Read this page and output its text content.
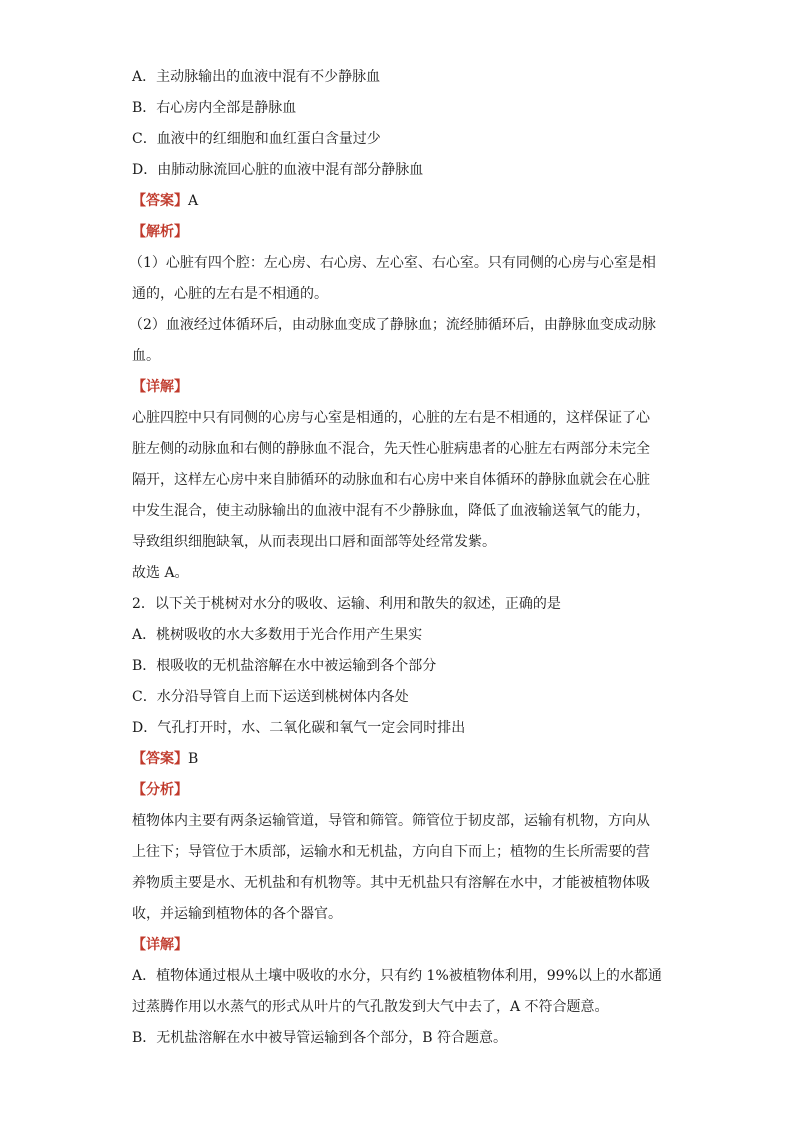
A．主动脉输出的血液中混有不少静脉血
B．右心房内全部是静脉血
C．血液中的红细胞和血红蛋白含量过少
D．由肺动脉流回心脏的血液中混有部分静脉血
【答案】A
【解析】
（1）心脏有四个腔：左心房、右心房、左心室、右心室。只有同侧的心房与心室是相
通的，心脏的左右是不相通的。
（2）血液经过体循环后，由动脉血变成了静脉血；流经肺循环后，由静脉血变成动脉
血。
【详解】
心脏四腔中只有同侧的心房与心室是相通的，心脏的左右是不相通的，这样保证了心
脏左侧的动脉血和右侧的静脉血不混合，先天性心脏病患者的心脏左右两部分未完全
隔开，这样左心房中来自肺循环的动脉血和右心房中来自体循环的静脉血就会在心脏
中发生混合，使主动脉输出的血液中混有不少静脉血，降低了血液输送氧气的能力，
导致组织细胞缺氧，从而表现出口唇和面部等处经常发紫。
故选 A。
2．以下关于桃树对水分的吸收、运输、利用和散失的叙述，正确的是
A．桃树吸收的水大多数用于光合作用产生果实
B．根吸收的无机盐溶解在水中被运输到各个部分
C．水分沿导管自上而下运送到桃树体内各处
D．气孔打开时，水、二氧化碳和氧气一定会同时排出
【答案】B
【分析】
植物体内主要有两条运输管道，导管和筛管。筛管位于韧皮部，运输有机物，方向从
上往下；导管位于木质部，运输水和无机盐，方向自下而上；植物的生长所需要的营
养物质主要是水、无机盐和有机物等。其中无机盐只有溶解在水中，才能被植物体吸
收，并运输到植物体的各个器官。
【详解】
A．植物体通过根从土壤中吸收的水分，只有约 1%被植物体利用，99%以上的水都通
过蒸腾作用以水蒸气的形式从叶片的气孔散发到大气中去了，A 不符合题意。
B．无机盐溶解在水中被导管运输到各个部分，B 符合题意。
